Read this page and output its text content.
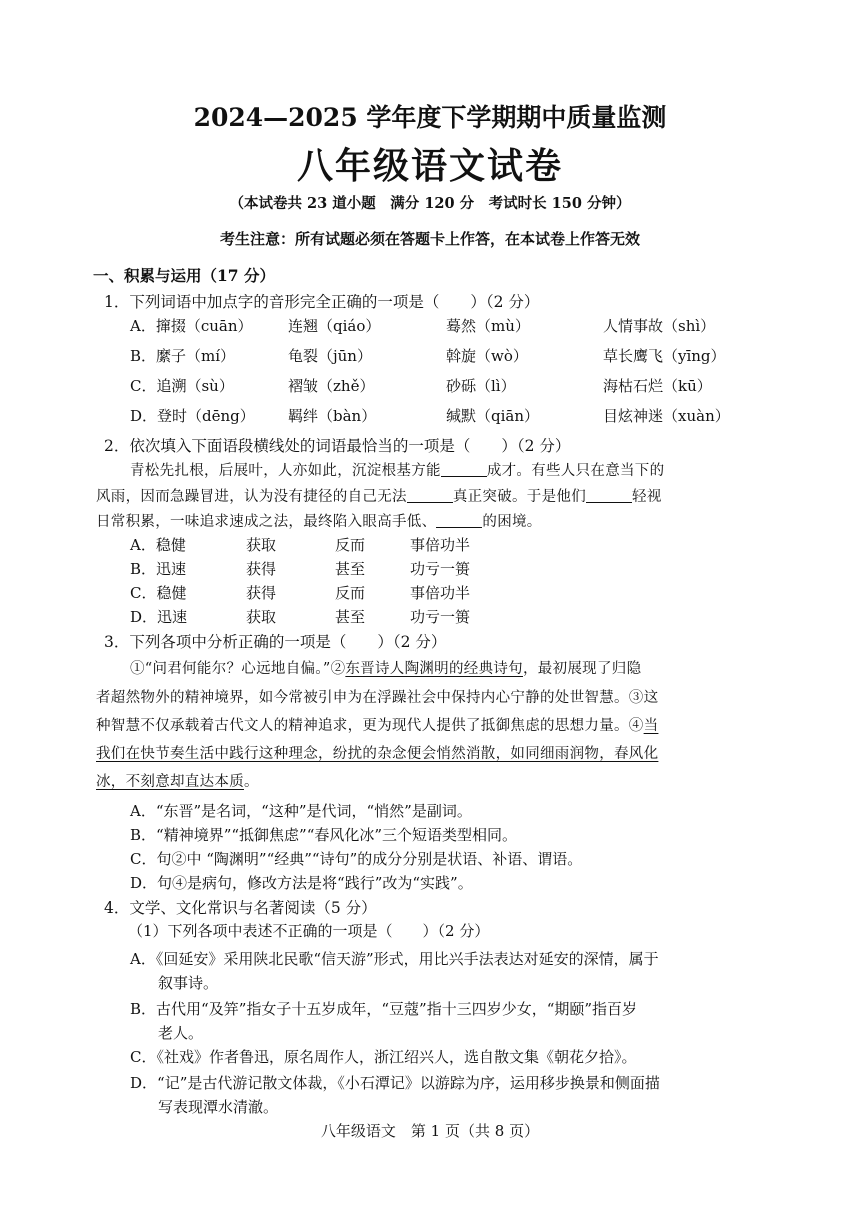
2024—2025 学年度下学期期中质量监测
八年级语文试卷
（本试卷共 23 道小题　满分 120 分　考试时长 150 分钟）
考生注意：所有试题必须在答题卡上作答，在本试卷上作答无效
一、积累与运用（17 分）
1．下列词语中加点字的音形完全正确的一项是（　　）（2 分）
A．撺掇（cuān） 连翘（qiáo）	蓦然（mù）	人情事故（shì）
B．縻子（mí）	龟裂（jūn）	斡旋（wò）	草长鹰飞（yīng）
C．追溯（sù）	褶皱（zhě）	砂砾（lì）	海枯石烂（kū）
D．登时（dēng） 羁绊（bàn）	缄默（qiān）	目炫神迷（xuàn）
2．依次填入下面语段横线处的词语最恰当的一项是（　　）（2 分）
青松先扎根，后展叶，人亦如此，沉淀根基方能	成才。有些人只在意当下的
风雨，因而急躁冒进，认为没有捷径的自己无法	真正突破。于是他们	轻视
日常积累，一味追求速成之法，最终陷入眼高手低、	的困境。
A．稳健	获取	反而	事倍功半
B．迅速	获得	甚至	功亏一篑
C．稳健	获得	反而	事倍功半
D．迅速	获取	甚至	功亏一篑
3．下列各项中分析正确的一项是（　　）（2 分）
①“问君何能尔？心远地自偏。”②东晋诗人陶渊明的经典诗句，最初展现了归隐
者超然物外的精神境界，如今常被引申为在浮躁社会中保持内心宁静的处世智慧。③这
种智慧不仅承载着古代文人的精神追求，更为现代人提供了抵御焦虑的思想力量。④当
我们在快节奏生活中践行这种理念，纷扰的杂念便会悄然消散，如同细雨润物，春风化
冰，不刻意却直达本质。
A．“东晋”是名词，“这种”是代词，“悄然”是副词。
B．“精神境界”“抵御焦虑”“春风化冰”三个短语类型相同。
C．句②中 “陶渊明”“经典”“诗句”的成分分别是状语、补语、谓语。
D．句④是病句，修改方法是将“践行”改为“实践”。
4．文学、文化常识与名著阅读（5 分）
（1）下列各项中表述不正确的一项是（　　）（2 分）
A．《回延安》采用陕北民歌“信天游”形式，用比兴手法表达对延安的深情，属于
叙事诗。
B．古代用“及笄”指女子十五岁成年，“豆蔻”指十三四岁少女，“期颐”指百岁
老人。
C．《社戏》作者鲁迅，原名周作人，浙江绍兴人，选自散文集《朝花夕拾》。
D．“记”是古代游记散文体裁，《小石潭记》以游踪为序，运用移步换景和侧面描
写表现潭水清澈。
八年级语文　第 1 页（共 8 页）
